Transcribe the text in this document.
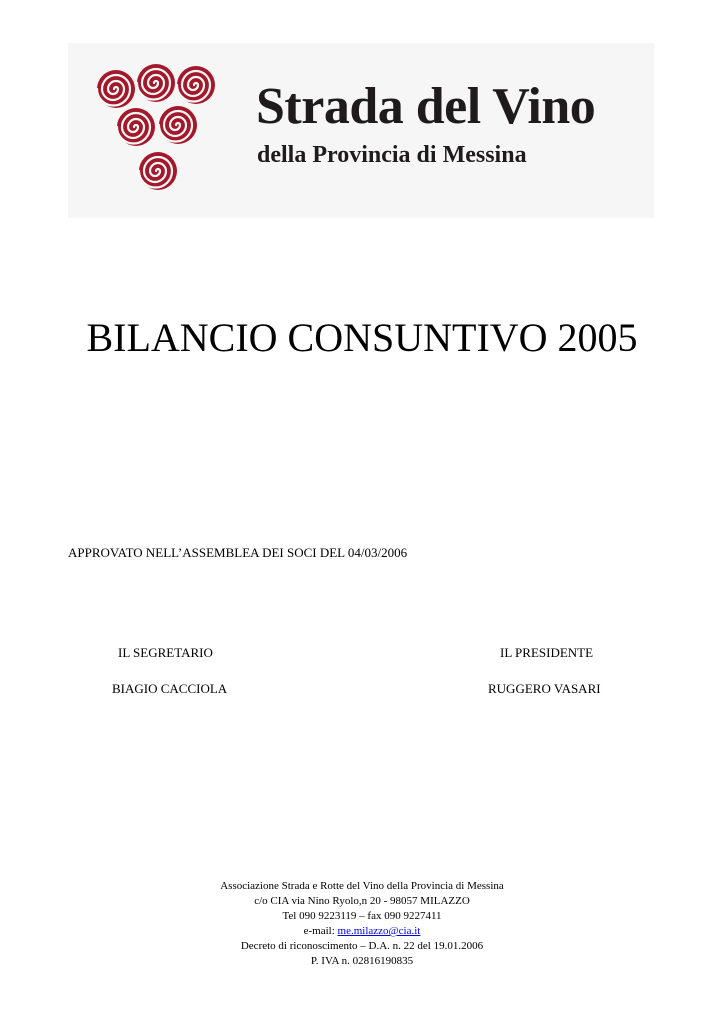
Strada del Vino
della Provincia di Messina
BILANCIO CONSUNTIVO 2005
APPROVATO NELL’ASSEMBLEA DEI SOCI DEL 04/03/2006
IL SEGRETARIO
BIAGIO CACCIOLA
IL PRESIDENTE
RUGGERO VASARI
Associazione Strada e Rotte del Vino della Provincia di Messina
c/o CIA via Nino Ryolo,n 20 - 98057 MILAZZO
Tel 090 9223119 – fax 090 9227411
e-mail: me.milazzo@cia.it
Decreto di riconoscimento – D.A. n. 22 del 19.01.2006
P. IVA n. 02816190835
